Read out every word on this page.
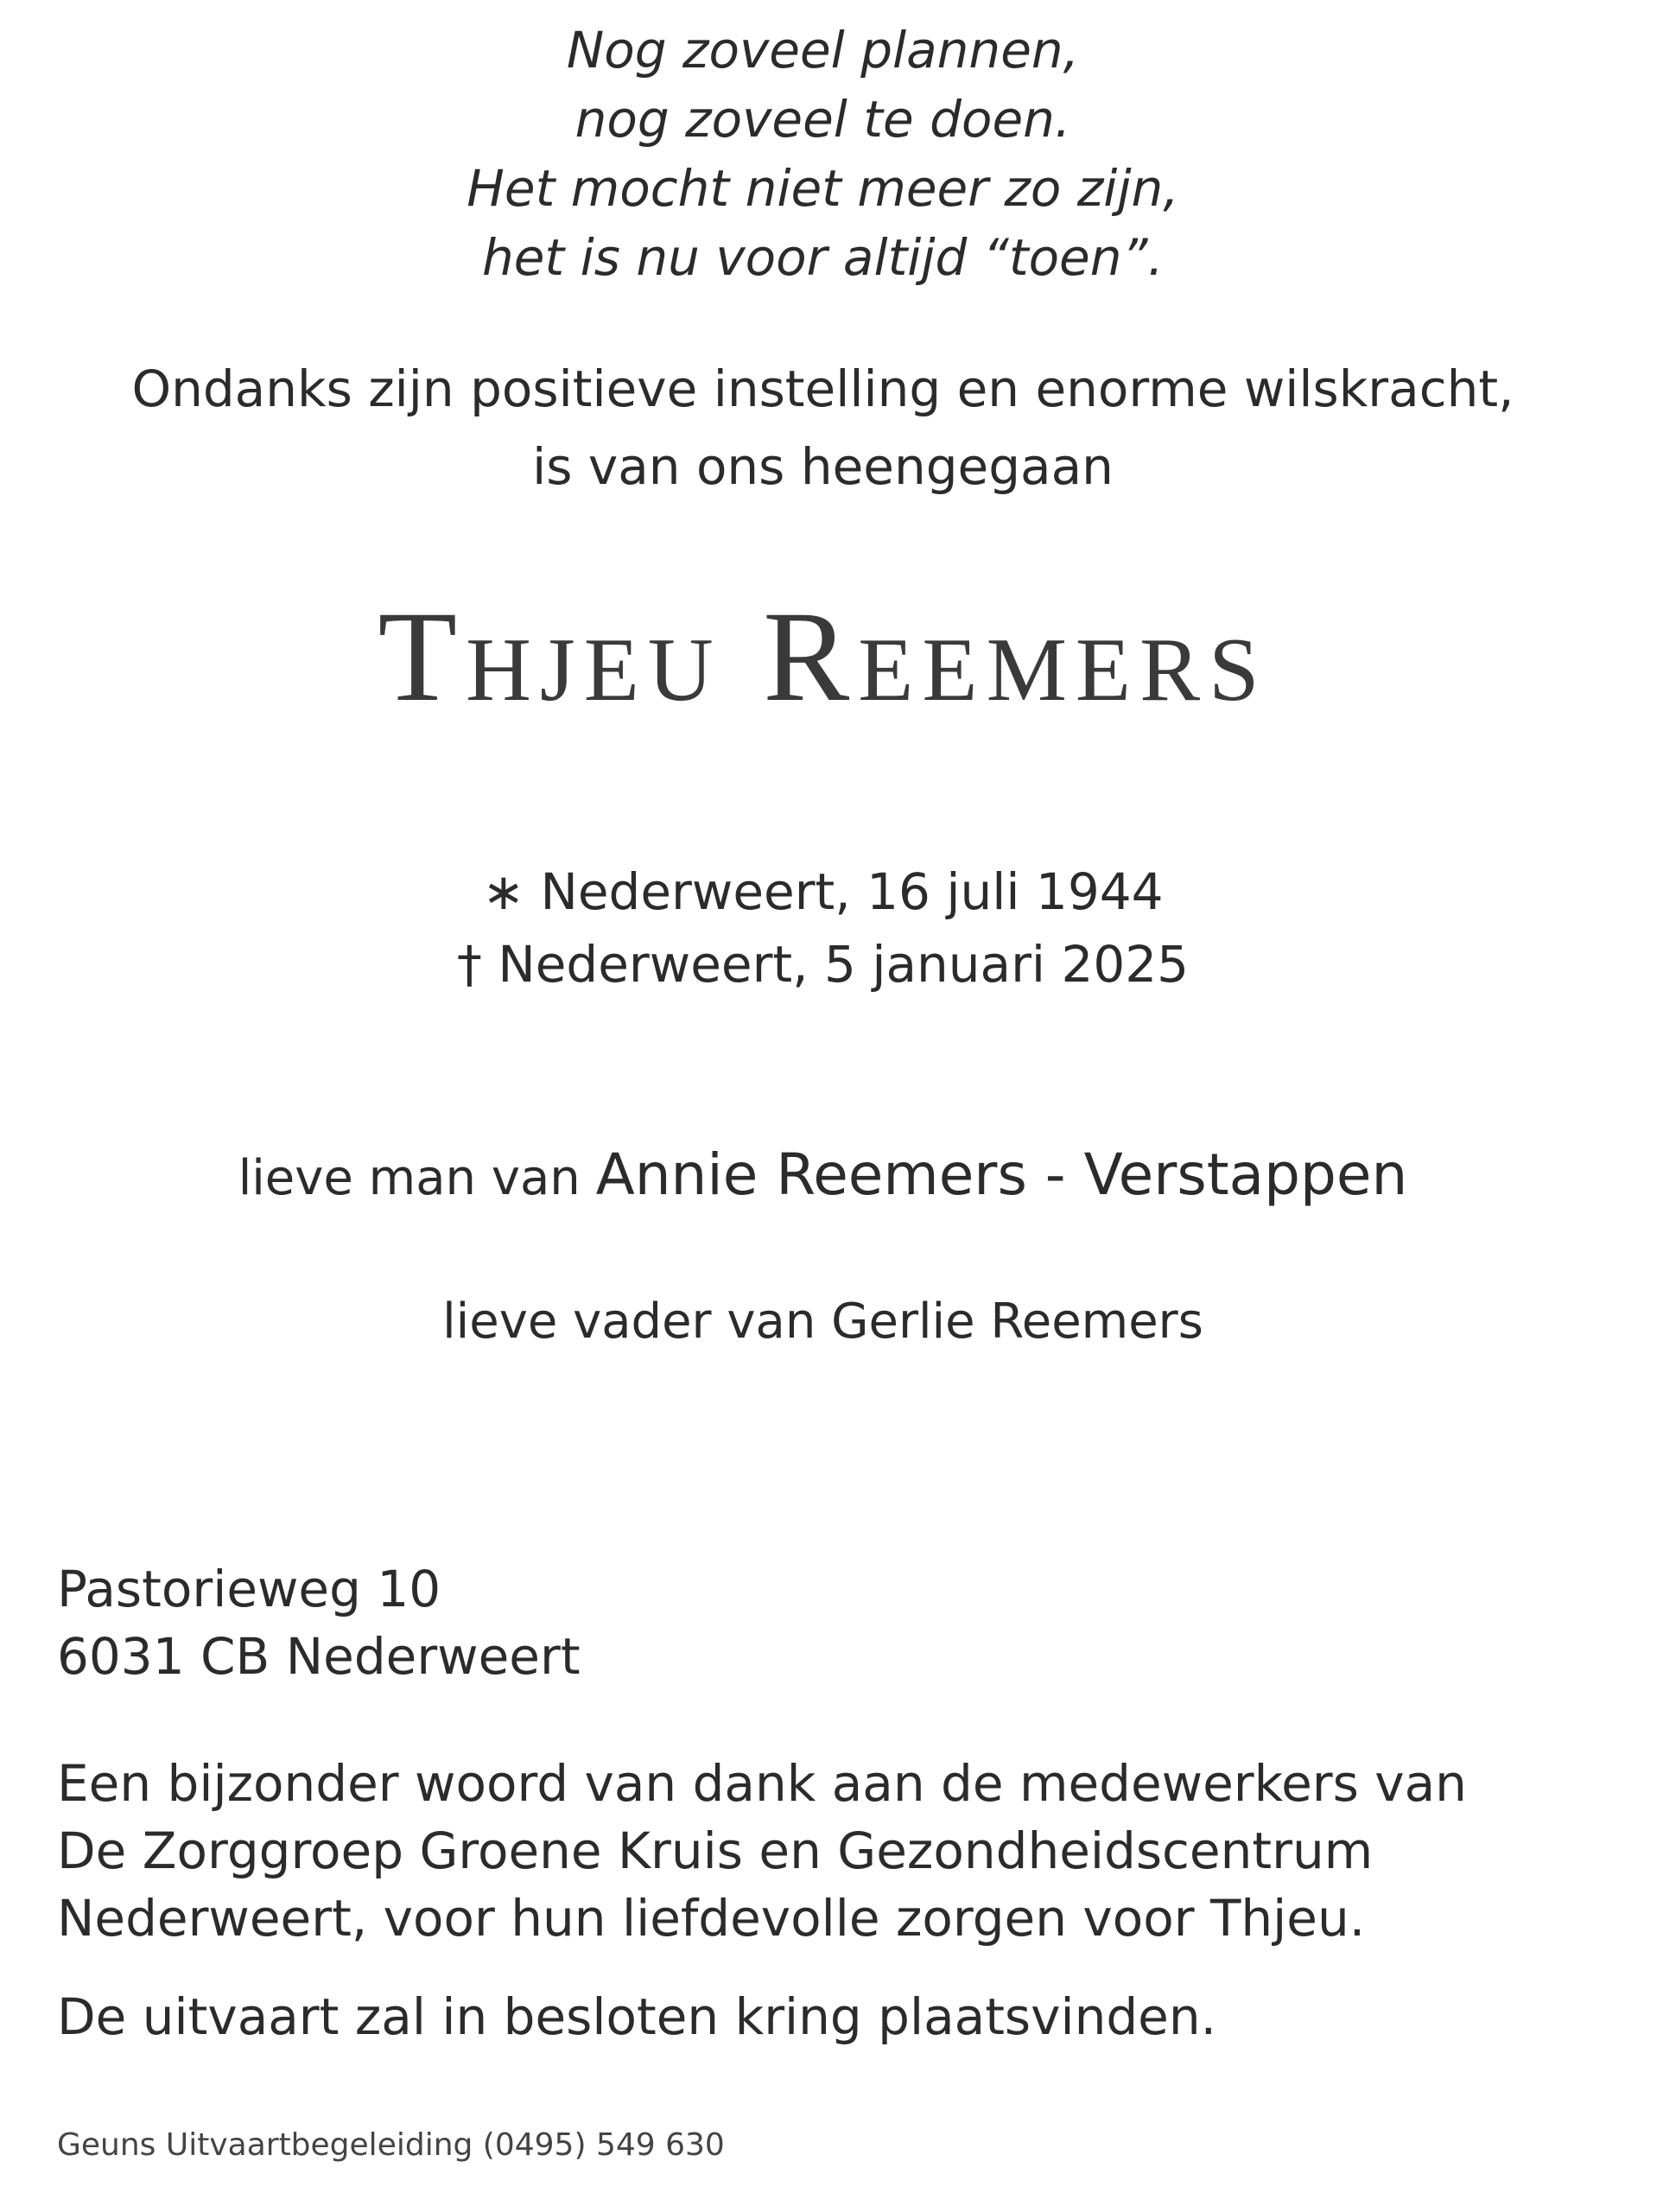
Nog zoveel plannen,
nog zoveel te doen.
Het mocht niet meer zo zijn,
het is nu voor altijd “toen”.
Ondanks zijn positieve instelling en enorme wilskracht,
is van ons heengegaan
Thjeu Reemers
∗ Nederweert, 16 juli 1944
† Nederweert, 5 januari 2025
lieve man van Annie Reemers - Verstappen
lieve vader van Gerlie Reemers
Pastorieweg 10
6031 CB Nederweert
Een bijzonder woord van dank aan de medewerkers van
De Zorggroep Groene Kruis en Gezondheidscentrum
Nederweert, voor hun liefdevolle zorgen voor Thjeu.
De uitvaart zal in besloten kring plaatsvinden.
Geuns Uitvaartbegeleiding (0495) 549 630
